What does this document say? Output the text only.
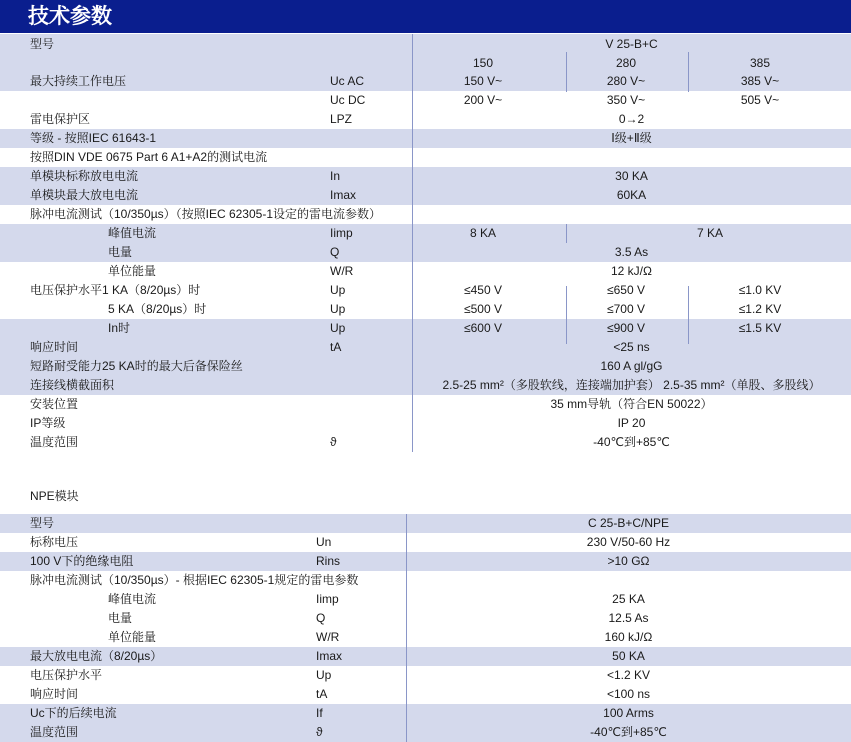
技术参数
型号	V 25-B+C
150	280	385
最大持续工作电压	Uc AC	150 V~	280 V~	385 V~
Uc DC	200 V~	350 V~	505 V~
雷电保护区	LPZ	0→2
等级 - 按照IEC 61643-1	Ⅰ级+Ⅱ级
按照DIN VDE 0675 Part 6 A1+A2的测试电流
单模块标称放电电流	In	30 KA
单模块最大放电电流	Imax	60KA
脉冲电流测试（10/350µs）（按照IEC 62305-1设定的雷电流参数）
峰值电流	Iimp	8 KA	7 KA
电量	Q	3.5 As
单位能量	W/R	12 kJ/Ω
电压保护水平1 KA（8/20µs）时	Up	≤450 V	≤650 V	≤1.0 KV
5 KA（8/20µs）时	Up	≤500 V	≤700 V	≤1.2 KV
In时	Up	≤600 V	≤900 V	≤1.5 KV
响应时间	tA	<25 ns
短路耐受能力25 KA时的最大后备保险丝	160 A gl/gG
连接线横截面积	2.5-25 mm²（多股软线，连接端加护套） 2.5-35 mm²（单股、多股线）
安装位置	35 mm导轨（符合EN 50022）
IP等级	IP 20
温度范围	ϑ	-40℃到+85℃
NPE模块
型号	C 25-B+C/NPE
标称电压	Un	230 V/50-60 Hz
100 V下的绝缘电阻	Rins	>10 GΩ
脉冲电流测试（10/350µs）- 根据IEC 62305-1规定的雷电参数
峰值电流	Iimp	25 KA
电量	Q	12.5 As
单位能量	W/R	160 kJ/Ω
最大放电电流（8/20µs）	Imax	50 KA
电压保护水平	Up	<1.2 KV
响应时间	tA	<100 ns
Uc下的后续电流	If	100 Arms
温度范围	ϑ	-40℃到+85℃
